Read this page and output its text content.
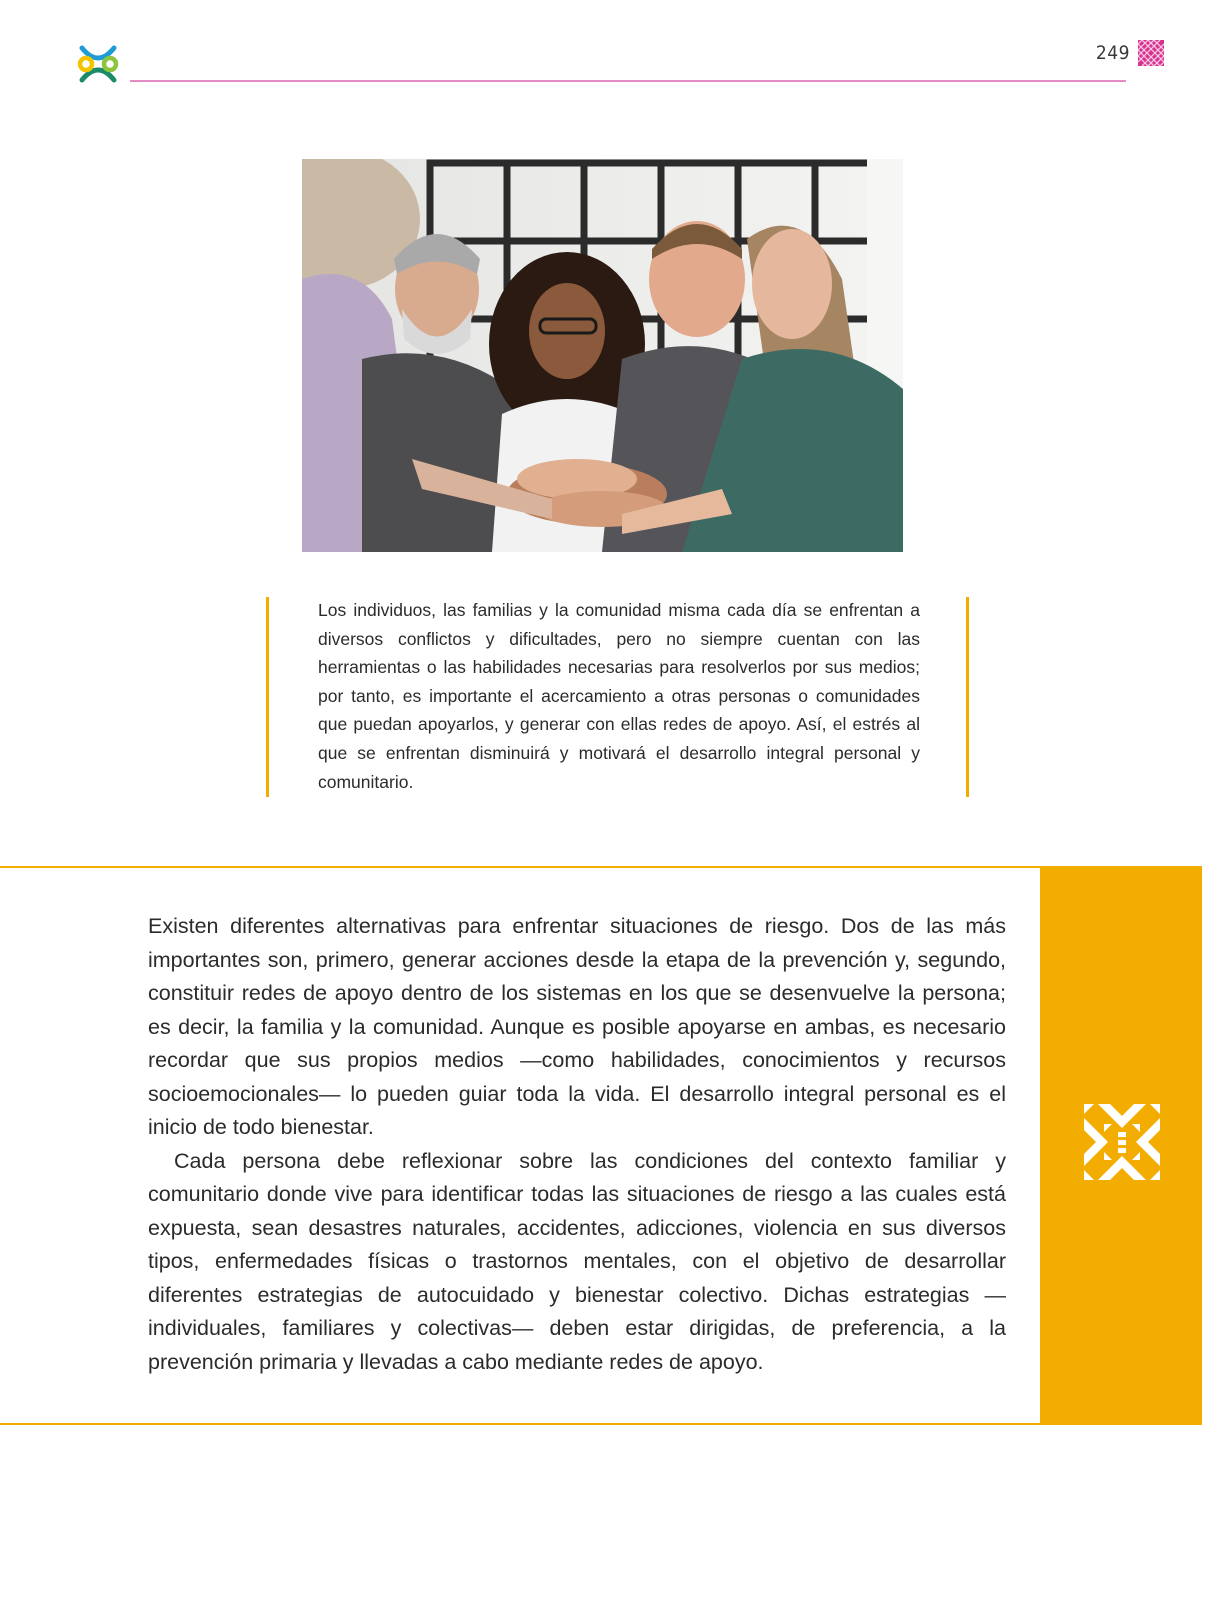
249

Los individuos, las familias y la comunidad misma cada día se enfrentan a diversos conflictos y dificultades, pero no siempre cuentan con las herramientas o las habilidades necesarias para resolverlos por sus medios; por tanto, es importante el acercamiento a otras personas o comunidades que puedan apoyarlos, y generar con ellas redes de apoyo. Así, el estrés al que se enfrentan disminuirá y motivará el desarrollo integral personal y comunitario.

Existen diferentes alternativas para enfrentar situaciones de riesgo. Dos de las más importantes son, primero, generar acciones desde la etapa de la prevención y, segundo, constituir redes de apoyo dentro de los sistemas en los que se desenvuelve la persona; es decir, la familia y la comunidad. Aunque es posible apoyarse en ambas, es necesario recordar que sus propios medios —como habilidades, conocimientos y recursos socioemocionales— lo pueden guiar toda la vida. El desarrollo integral personal es el inicio de todo bienestar.

Cada persona debe reflexionar sobre las condiciones del contexto familiar y comunitario donde vive para identificar todas las situaciones de riesgo a las cuales está expuesta, sean desastres naturales, accidentes, adicciones, violencia en sus diversos tipos, enfermedades físicas o trastornos mentales, con el objetivo de desarrollar diferentes estrategias de autocuidado y bienestar colectivo. Dichas estrategias —individuales, familiares y colectivas— deben estar dirigidas, de preferencia, a la prevención primaria y llevadas a cabo mediante redes de apoyo.
